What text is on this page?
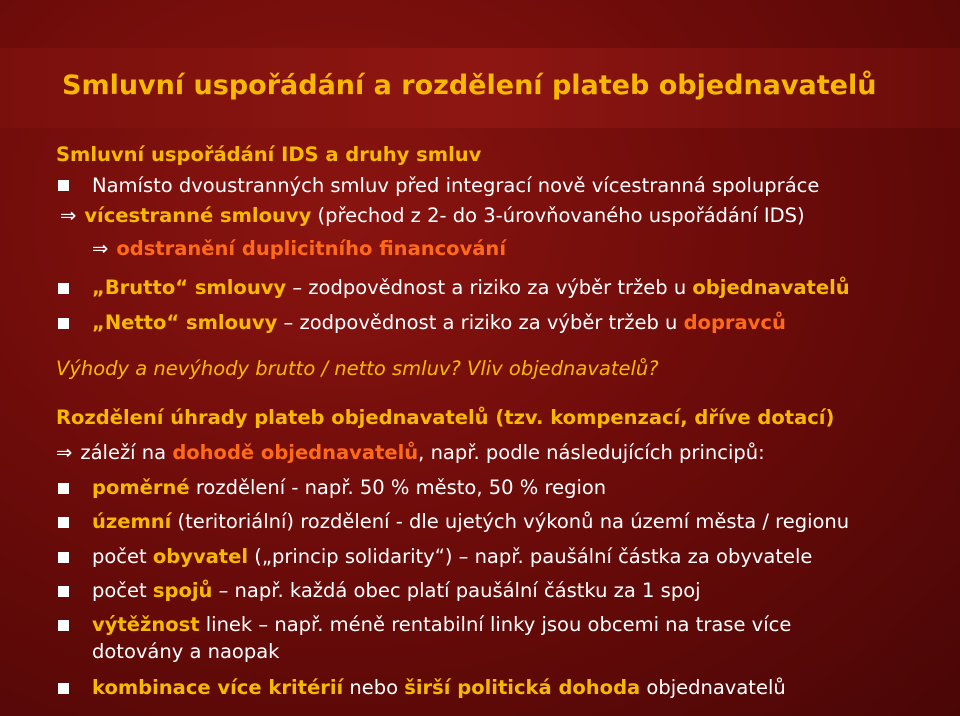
Smluvní uspořádání a rozdělení plateb objednavatelů
Smluvní uspořádání IDS a druhy smluv
Namísto dvoustranných smluv před integrací nově vícestranná spolupráce
⇒ vícestranné smlouvy (přechod z 2- do 3-úrovňovaného uspořádání IDS)
⇒ odstranění duplicitního financování
„Brutto“ smlouvy – zodpovědnost a riziko za výběr tržeb u objednavatelů
„Netto“ smlouvy – zodpovědnost a riziko za výběr tržeb u dopravců
Výhody a nevýhody brutto / netto smluv? Vliv objednavatelů?
Rozdělení úhrady plateb objednavatelů (tzv. kompenzací, dříve dotací)
⇒ záleží na dohodě objednavatelů, např. podle následujících principů:
poměrné rozdělení - např. 50 % město, 50 % region
územní (teritoriální) rozdělení - dle ujetých výkonů na území města / regionu
počet obyvatel („princip solidarity“) – např. paušální částka za obyvatele
počet spojů – např. každá obec platí paušální částku za 1 spoj
výtěžnost linek – např. méně rentabilní linky jsou obcemi na trase více
dotovány a naopak
kombinace více kritérií nebo širší politická dohoda objednavatelů
